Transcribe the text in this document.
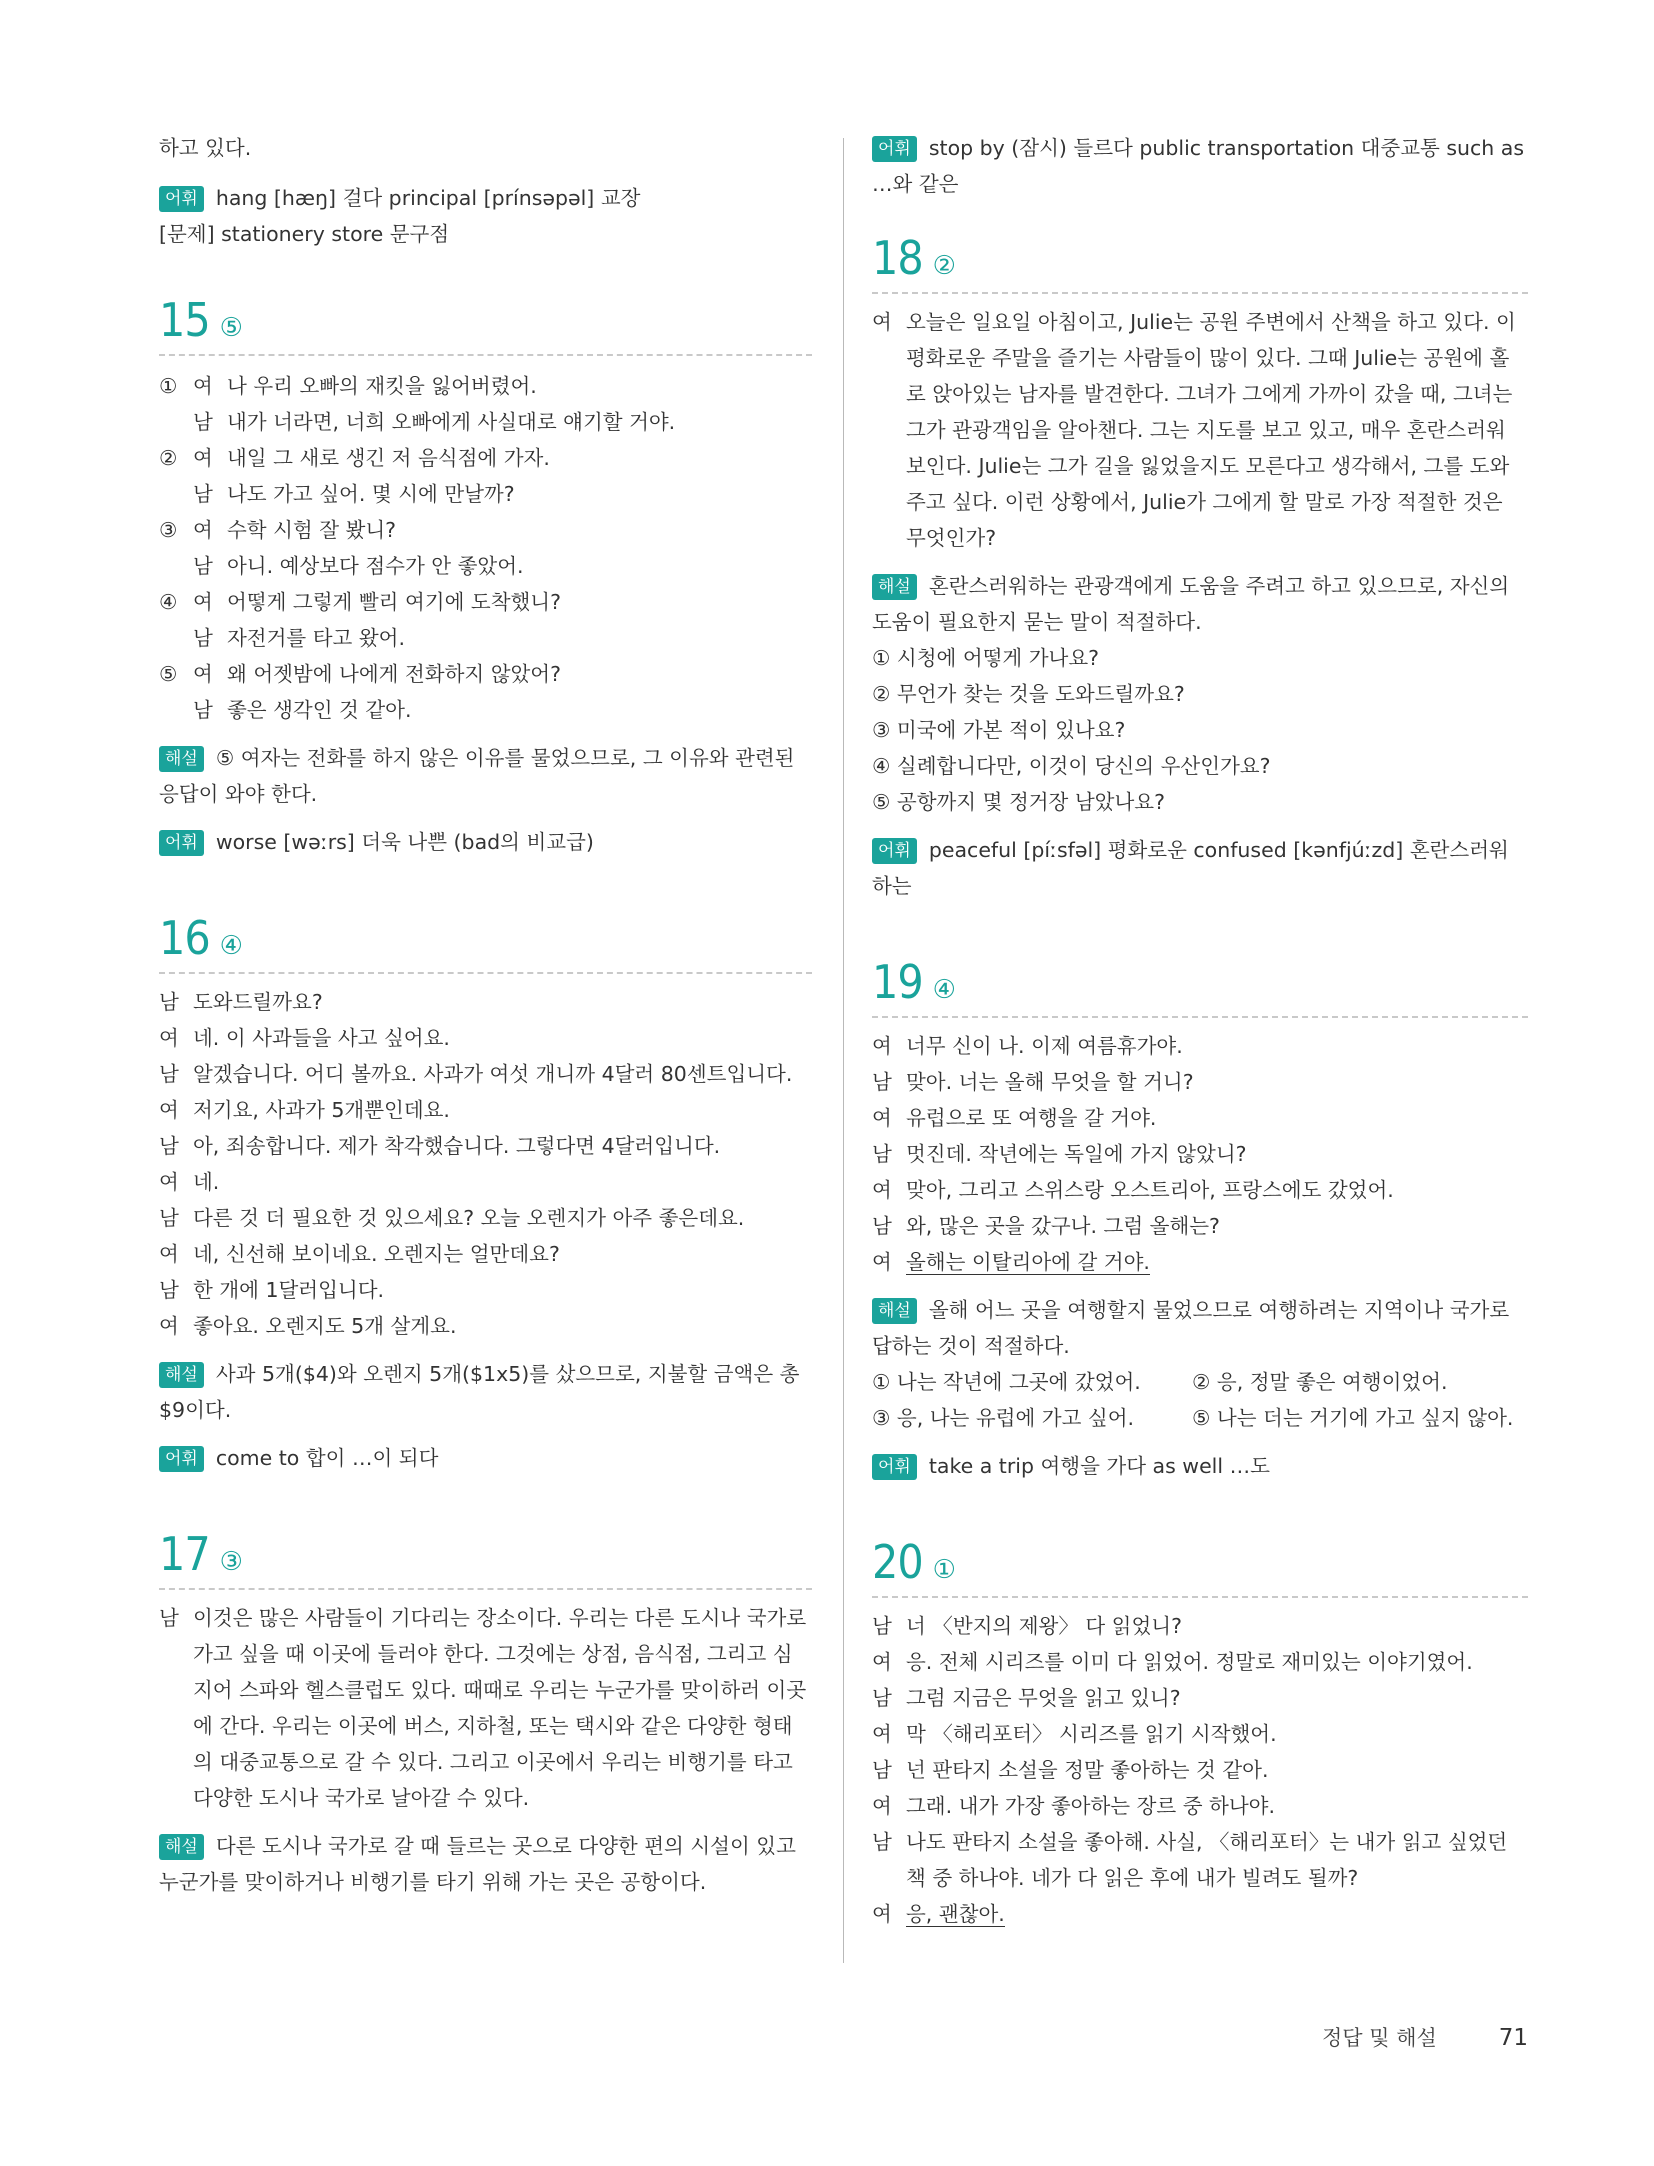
하고 있다.

어휘 hang [hæŋ] 걸다 principal [prínsəpəl] 교장
[문제] stationery store 문구점
15 ⑤
① 여 나 우리 오빠의 재킷을 잃어버렸어.
남 내가 너라면, 너희 오빠에게 사실대로 얘기할 거야.
② 여 내일 그 새로 생긴 저 음식점에 가자.
남 나도 가고 싶어. 몇 시에 만날까?
③ 여 수학 시험 잘 봤니?
남 아니. 예상보다 점수가 안 좋았어.
④ 여 어떻게 그렇게 빨리 여기에 도착했니?
남 자전거를 타고 왔어.
⑤ 여 왜 어젯밤에 나에게 전화하지 않았어?
남 좋은 생각인 것 같아.
해설 ⑤ 여자는 전화를 하지 않은 이유를 물었으므로, 그 이유와 관련된 응답이 와야 한다.
어휘 worse [wəːrs] 더욱 나쁜 (bad의 비교급)
16 ④
남 도와드릴까요?
여 네. 이 사과들을 사고 싶어요.
남 알겠습니다. 어디 볼까요. 사과가 여섯 개니까 4달러 80센트입니다.
여 저기요, 사과가 5개뿐인데요.
남 아, 죄송합니다. 제가 착각했습니다. 그렇다면 4달러입니다.
여 네.
남 다른 것 더 필요한 것 있으세요? 오늘 오렌지가 아주 좋은데요.
여 네, 신선해 보이네요. 오렌지는 얼만데요?
남 한 개에 1달러입니다.
여 좋아요. 오렌지도 5개 살게요.
해설 사과 5개($4)와 오렌지 5개($1x5)를 샀으므로, 지불할 금액은 총 $9이다.
어휘 come to 합이 …이 되다
17 ③
남 이것은 많은 사람들이 기다리는 장소이다. 우리는 다른 도시나 국가로 가고 싶을 때 이곳에 들러야 한다. 그것에는 상점, 음식점, 그리고 심지어 스파와 헬스클럽도 있다. 때때로 우리는 누군가를 맞이하러 이곳에 간다. 우리는 이곳에 버스, 지하철, 또는 택시와 같은 다양한 형태의 대중교통으로 갈 수 있다. 그리고 이곳에서 우리는 비행기를 타고 다양한 도시나 국가로 날아갈 수 있다.
해설 다른 도시나 국가로 갈 때 들르는 곳으로 다양한 편의 시설이 있고 누군가를 맞이하거나 비행기를 타기 위해 가는 곳은 공항이다.
어휘 stop by (잠시) 들르다 public transportation 대중교통 such as …와 같은
18 ②
여 오늘은 일요일 아침이고, Julie는 공원 주변에서 산책을 하고 있다. 이 평화로운 주말을 즐기는 사람들이 많이 있다. 그때 Julie는 공원에 홀로 앉아있는 남자를 발견한다. 그녀가 그에게 가까이 갔을 때, 그녀는 그가 관광객임을 알아챈다. 그는 지도를 보고 있고, 매우 혼란스러워 보인다. Julie는 그가 길을 잃었을지도 모른다고 생각해서, 그를 도와주고 싶다. 이런 상황에서, Julie가 그에게 할 말로 가장 적절한 것은 무엇인가?
해설 혼란스러워하는 관광객에게 도움을 주려고 하고 있으므로, 자신의 도움이 필요한지 묻는 말이 적절하다.
① 시청에 어떻게 가나요?
② 무언가 찾는 것을 도와드릴까요?
③ 미국에 가본 적이 있나요?
④ 실례합니다만, 이것이 당신의 우산인가요?
⑤ 공항까지 몇 정거장 남았나요?
어휘 peaceful [píːsfəl] 평화로운 confused [kənfjúːzd] 혼란스러워하는
19 ④
여 너무 신이 나. 이제 여름휴가야.
남 맞아. 너는 올해 무엇을 할 거니?
여 유럽으로 또 여행을 갈 거야.
남 멋진데. 작년에는 독일에 가지 않았니?
여 맞아, 그리고 스위스랑 오스트리아, 프랑스에도 갔었어.
남 와, 많은 곳을 갔구나. 그럼 올해는?
여 올해는 이탈리아에 갈 거야.
해설 올해 어느 곳을 여행할지 물었으므로 여행하려는 지역이나 국가로 답하는 것이 적절하다.
① 나는 작년에 그곳에 갔었어.	② 응, 정말 좋은 여행이었어.
③ 응, 나는 유럽에 가고 싶어.	⑤ 나는 더는 거기에 가고 싶지 않아.
어휘 take a trip 여행을 가다 as well …도
20 ①
남 너 〈반지의 제왕〉 다 읽었니?
여 응. 전체 시리즈를 이미 다 읽었어. 정말로 재미있는 이야기였어.
남 그럼 지금은 무엇을 읽고 있니?
여 막 〈해리포터〉 시리즈를 읽기 시작했어.
남 넌 판타지 소설을 정말 좋아하는 것 같아.
여 그래. 내가 가장 좋아하는 장르 중 하나야.
남 나도 판타지 소설을 좋아해. 사실, 〈해리포터〉는 내가 읽고 싶었던 책 중 하나야. 네가 다 읽은 후에 내가 빌려도 될까?
여 응, 괜찮아.
정답 및 해설	71
